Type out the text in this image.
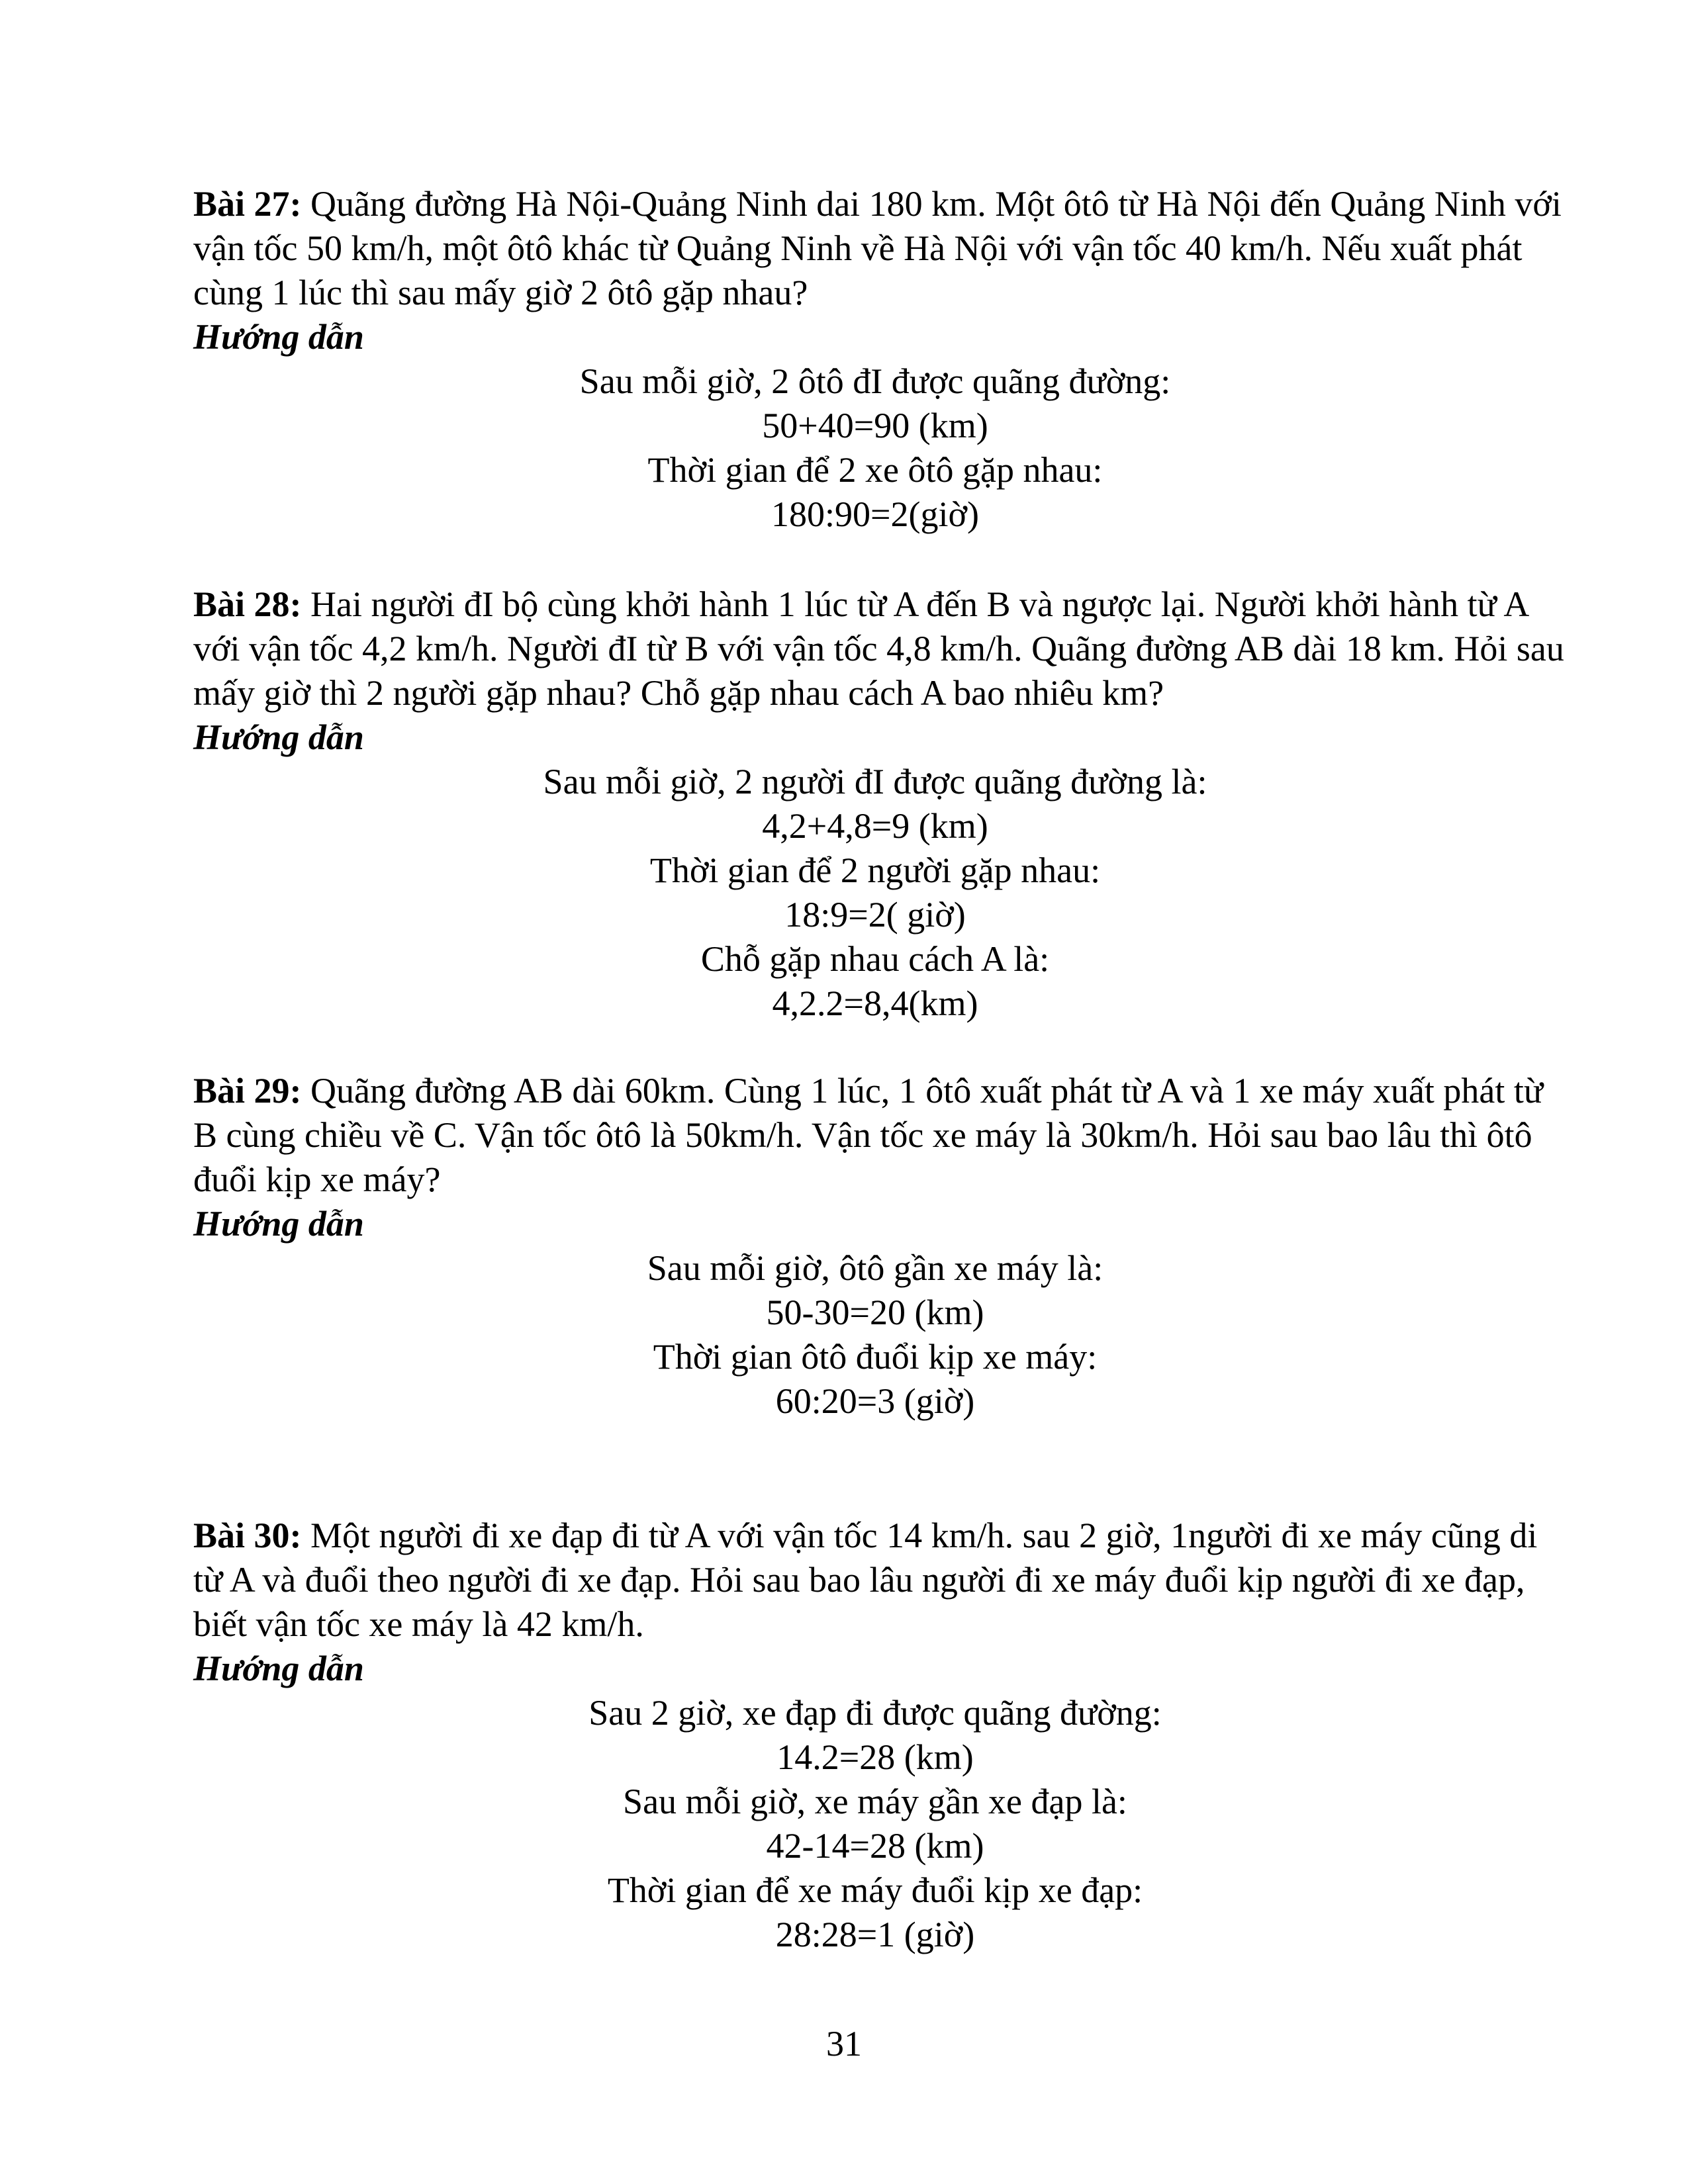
Bài 27: Quãng đường Hà Nội-Quảng Ninh dai 180 km. Một ôtô từ Hà Nội đến Quảng Ninh với vận tốc 50 km/h, một ôtô khác từ Quảng Ninh về Hà Nội với vận tốc 40 km/h. Nếu xuất phát cùng 1 lúc thì sau mấy giờ 2 ôtô gặp nhau?

Hướng dẫn

Sau mỗi giờ, 2 ôtô đI được quãng đường:
50+40=90 (km)
Thời gian để 2 xe ôtô gặp nhau:
180:90=2(giờ)

Bài 28: Hai người đI bộ cùng khởi hành 1 lúc từ A đến B và ngược lại. Người khởi hành từ A với vận tốc 4,2 km/h. Người đI từ B với vận tốc 4,8 km/h. Quãng đường AB dài 18 km. Hỏi sau mấy giờ thì 2 người gặp nhau? Chỗ gặp nhau cách A bao nhiêu km?

Hướng dẫn

Sau mỗi giờ, 2 người đI được quãng đường là:
4,2+4,8=9 (km)
Thời gian để 2 người gặp nhau:
18:9=2( giờ)
Chỗ gặp nhau cách A là:
4,2.2=8,4(km)

Bài 29: Quãng đường AB dài 60km. Cùng 1 lúc, 1 ôtô xuất phát từ A và 1 xe máy xuất phát từ B cùng chiều về C. Vận tốc ôtô là 50km/h. Vận tốc xe máy là 30km/h. Hỏi sau bao lâu thì ôtô đuổi kịp xe máy?

Hướng dẫn

Sau mỗi giờ, ôtô gần xe máy là:
50-30=20 (km)
Thời gian ôtô đuổi kịp xe máy:
60:20=3 (giờ)

Bài 30: Một người đi xe đạp đi từ A với vận tốc 14 km/h. sau 2 giờ, 1người đi xe máy cũng di từ A và đuổi theo người đi xe đạp. Hỏi sau bao lâu người đi xe máy đuổi kịp người đi xe đạp, biết vận tốc xe máy là 42 km/h.

Hướng dẫn

Sau 2 giờ, xe đạp đi được quãng đường:
14.2=28 (km)
Sau mỗi giờ, xe máy gần xe đạp là:
42-14=28 (km)
Thời gian để xe máy đuổi kịp xe đạp:
28:28=1 (giờ)
31
